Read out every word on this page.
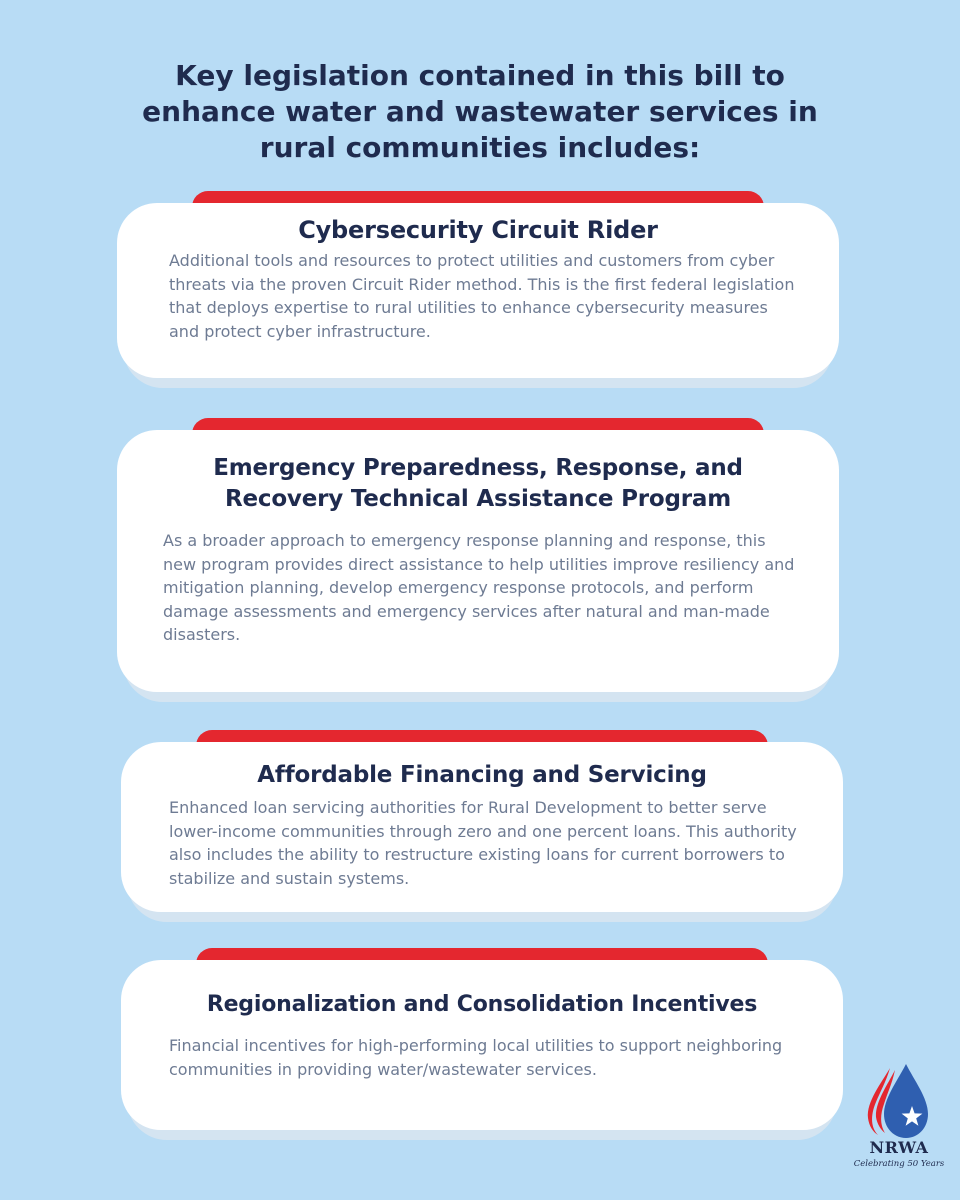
Key legislation contained in this bill to enhance water and wastewater services in rural communities includes:
Cybersecurity Circuit Rider

Additional tools and resources to protect utilities and customers from cyber threats via the proven Circuit Rider method. This is the first federal legislation that deploys expertise to rural utilities to enhance cybersecurity measures and protect cyber infrastructure.

Emergency Preparedness, Response, and Recovery Technical Assistance Program

As a broader approach to emergency response planning and response, this new program provides direct assistance to help utilities improve resiliency and mitigation planning, develop emergency response protocols, and perform damage assessments and emergency services after natural and man-made disasters.

Affordable Financing and Servicing

Enhanced loan servicing authorities for Rural Development to better serve lower-income communities through zero and one percent loans. This authority also includes the ability to restructure existing loans for current borrowers to stabilize and sustain systems.

Regionalization and Consolidation Incentives

Financial incentives for high-performing local utilities to support neighboring communities in providing water/wastewater services.

NRWA
Celebrating 50 Years
